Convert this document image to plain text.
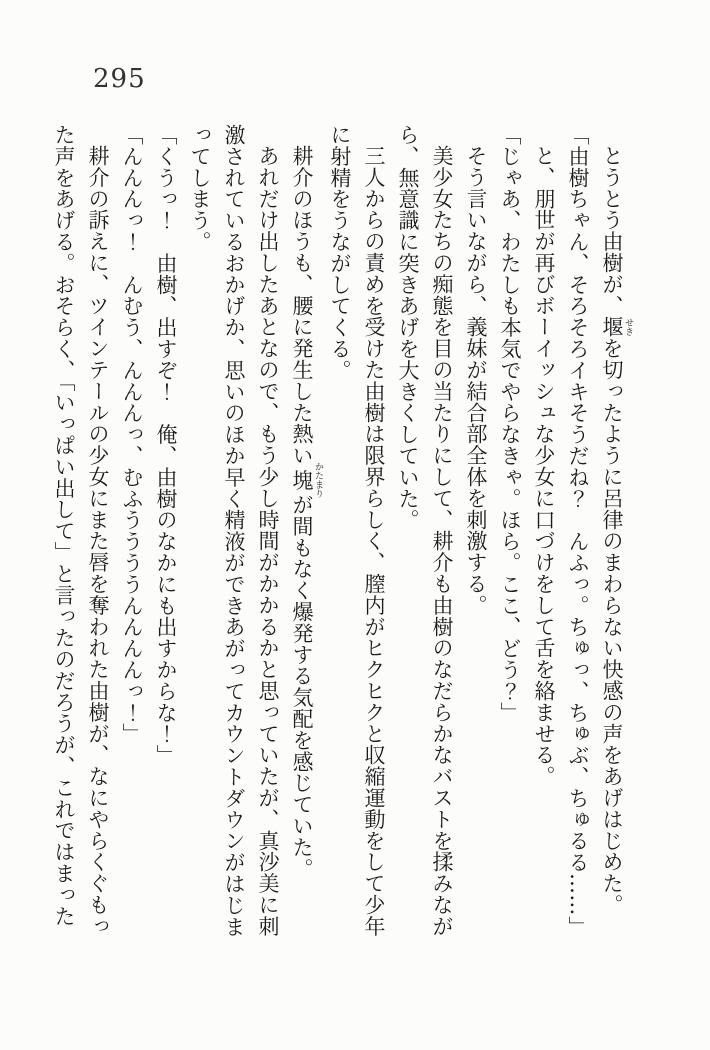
295

とうとう由樹が、堰 せきを切ったように呂律のまわらない快感の声をあげはじめた。

「由樹ちゃん、そろそろイキそうだね？　んふっ。ちゅっ、ちゅぶ、ちゅるる……」

と、朋世が再びボーイッシュな少女に口づけをして舌を絡ませる。

「じゃあ、わたしも本気でやらなきゃ。ほら。ここ、どう？」

そう言いながら、義妹が結合部全体を刺激する。

美少女たちの痴態を目の当たりにして、耕介も由樹のなだらかなバストを揉みながら、無意識に突きあげを大きくしていた。

三人からの責めを受けた由樹は限界らしく、膣内がヒクヒクと収縮運動をして少年に射精をうながしてくる。

耕介のほうも、腰に発生した熱い塊 かたまりが間もなく爆発する気配を感じていた。

あれだけ出したあとなので、もう少し時間がかかるかと思っていたが、真沙美に刺激されているおかげか、思いのほか早く精液ができあがってカウントダウンがはじまってしまう。

「くうっ！　由樹、出すぞ！　俺、由樹のなかにも出すからな！」

「んんんっ！　んむう、んんんっ、むふううううんんんんっ！」

耕介の訴えに、ツインテールの少女にまた唇を奪われた由樹が、なにやらくぐもった声をあげる。おそらく、「いっぱい出して」と言ったのだろうが、これではまった
